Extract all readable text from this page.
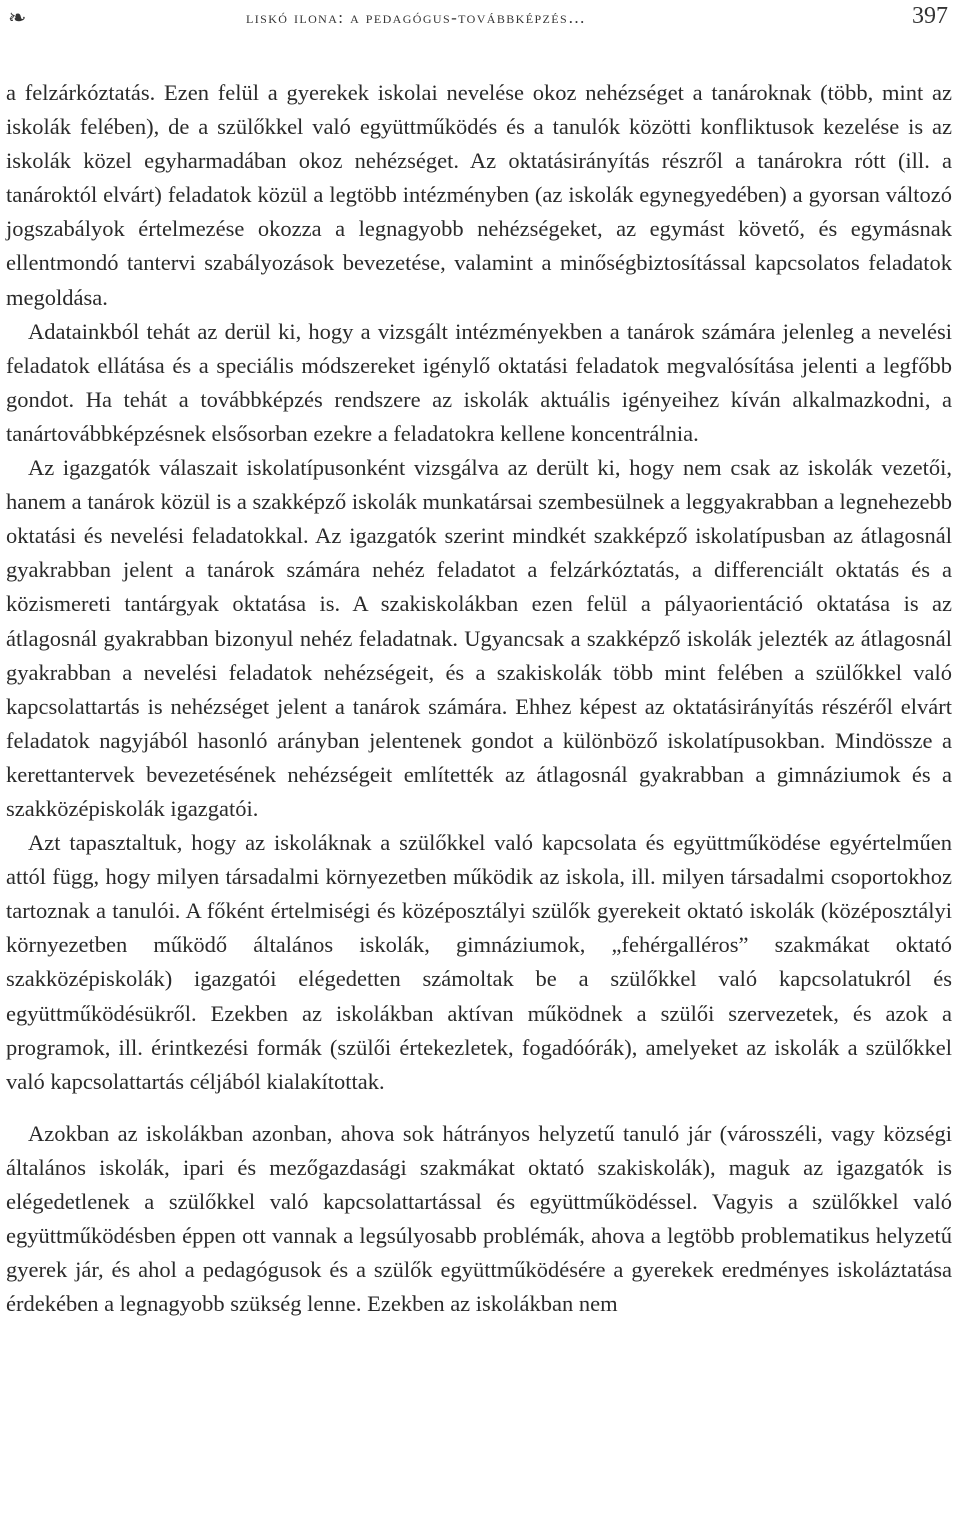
❧	liskó ilona: a pedagógus-továbbképzés…	397

a felzárkóztatás. Ezen felül a gyerekek iskolai nevelése okoz nehézséget a tanároknak (több, mint az iskolák felében), de a szülőkkel való együttműködés és a tanulók közötti konfliktusok kezelése is az iskolák közel egyharmadában okoz nehézséget. Az oktatásirányítás részről a tanárokra rótt (ill. a tanároktól elvárt) feladatok közül a legtöbb intézményben (az iskolák egynegyedében) a gyorsan változó jogszabályok értelmezése okozza a legnagyobb nehézségeket, az egymást követő, és egymásnak ellentmondó tantervi szabályozások bevezetése, valamint a minőségbiztosítással kapcsolatos feladatok megoldása.

Adatainkból tehát az derül ki, hogy a vizsgált intézményekben a tanárok számára jelenleg a nevelési feladatok ellátása és a speciális módszereket igénylő oktatási feladatok megvalósítása jelenti a legfőbb gondot. Ha tehát a továbbképzés rendszere az iskolák aktuális igényeihez kíván alkalmazkodni, a tanártovábbképzésnek elsősorban ezekre a feladatokra kellene koncentrálnia.

Az igazgatók válaszait iskolatípusonként vizsgálva az derült ki, hogy nem csak az iskolák vezetői, hanem a tanárok közül is a szakképző iskolák munkatársai szembesülnek a leggyakrabban a legnehezebb oktatási és nevelési feladatokkal. Az igazgatók szerint mindkét szakképző iskolatípusban az átlagosnál gyakrabban jelent a tanárok számára nehéz feladatot a felzárkóztatás, a differenciált oktatás és a közismereti tantárgyak oktatása is. A szakiskolákban ezen felül a pályaorientáció oktatása is az átlagosnál gyakrabban bizonyul nehéz feladatnak. Ugyancsak a szakképző iskolák jelezték az átlagosnál gyakrabban a nevelési feladatok nehézségeit, és a szakiskolák több mint felében a szülőkkel való kapcsolattartás is nehézséget jelent a tanárok számára. Ehhez képest az oktatásirányítás részéről elvárt feladatok nagyjából hasonló arányban jelentenek gondot a különböző iskolatípusokban. Mindössze a kerettantervek bevezetésének nehézségeit említették az átlagosnál gyakrabban a gimnáziumok és a szakközépiskolák igazgatói.

Azt tapasztaltuk, hogy az iskoláknak a szülőkkel való kapcsolata és együttműködése egyértelműen attól függ, hogy milyen társadalmi környezetben működik az iskola, ill. milyen társadalmi csoportokhoz tartoznak a tanulói. A főként értelmiségi és középosztályi szülők gyerekeit oktató iskolák (középosztályi környezetben működő általános iskolák, gimnáziumok, „fehérgalléros” szakmákat oktató szakközépiskolák) igazgatói elégedetten számoltak be a szülőkkel való kapcsolatukról és együttműködésükről. Ezekben az iskolákban aktívan működnek a szülői szervezetek, és azok a programok, ill. érintkezési formák (szülői értekezletek, fogadóórák), amelyeket az iskolák a szülőkkel való kapcsolattartás céljából kialakítottak.

Azokban az iskolákban azonban, ahova sok hátrányos helyzetű tanuló jár (városszéli, vagy községi általános iskolák, ipari és mezőgazdasági szakmákat oktató szakiskolák), maguk az igazgatók is elégedetlenek a szülőkkel való kapcsolattartással és együttműködéssel. Vagyis a szülőkkel való együttműködésben éppen ott vannak a legsúlyosabb problémák, ahova a legtöbb problematikus helyzetű gyerek jár, és ahol a pedagógusok és a szülők együttműködésére a gyerekek eredményes iskoláztatása érdekében a legnagyobb szükség lenne. Ezekben az iskolákban nem
